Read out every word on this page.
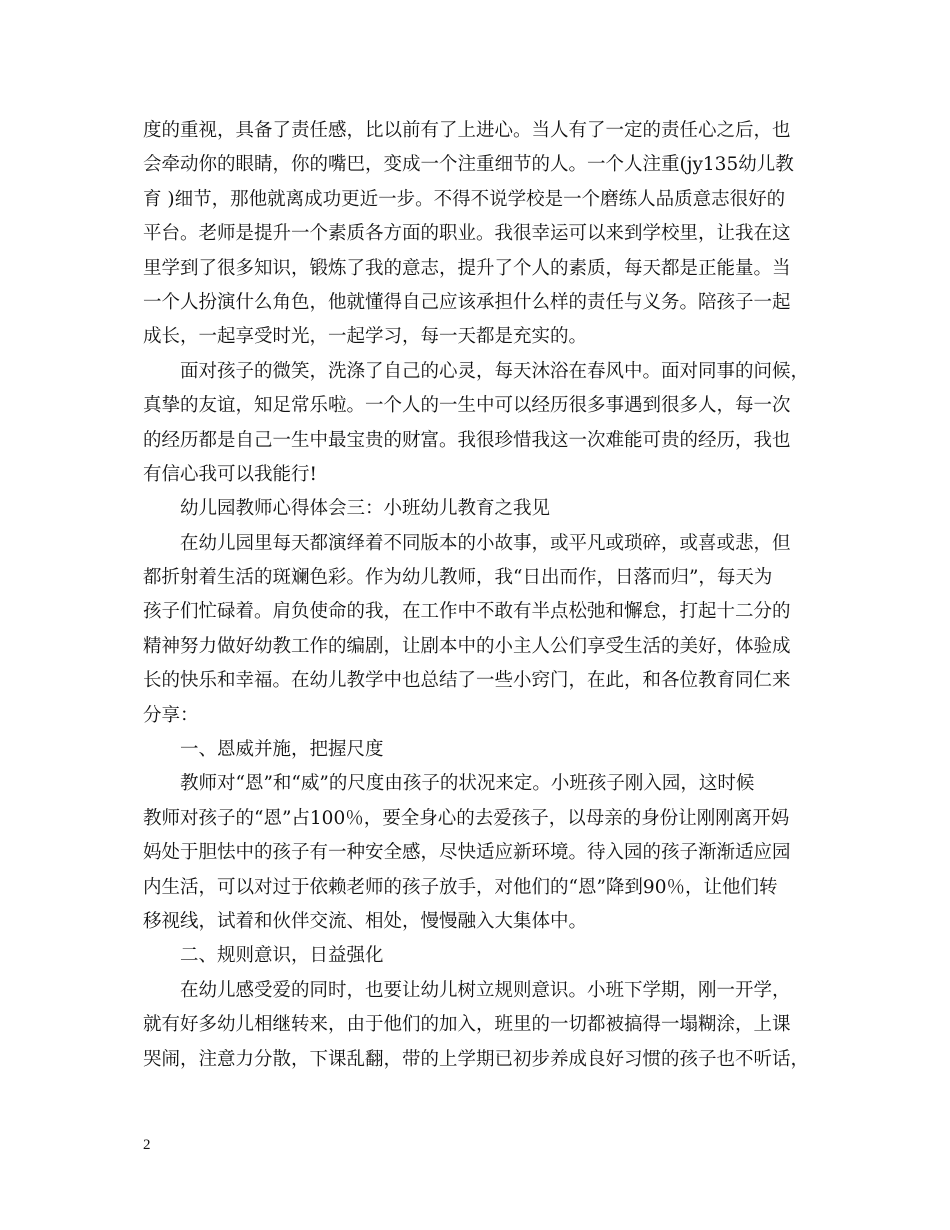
度的重视，具备了责任感，比以前有了上进心。当人有了一定的责任心之后，也
会牵动你的眼睛，你的嘴巴，变成一个注重细节的人。一个人注重(jy135幼儿教
育 )细节，那他就离成功更近一步。不得不说学校是一个磨练人品质意志很好的
平台。老师是提升一个素质各方面的职业。我很幸运可以来到学校里，让我在这
里学到了很多知识，锻炼了我的意志，提升了个人的素质，每天都是正能量。当
一个人扮演什么角色，他就懂得自己应该承担什么样的责任与义务。陪孩子一起
成长，一起享受时光，一起学习，每一天都是充实的。
面对孩子的微笑，洗涤了自己的心灵，每天沐浴在春风中。面对同事的问候，
真挚的友谊，知足常乐啦。一个人的一生中可以经历很多事遇到很多人，每一次
的经历都是自己一生中最宝贵的财富。我很珍惜我这一次难能可贵的经历，我也
有信心我可以我能行!
幼儿园教师心得体会三：小班幼儿教育之我见
在幼儿园里每天都演绎着不同版本的小故事，或平凡或琐碎，或喜或悲，但
都折射着生活的斑斓色彩。作为幼儿教师，我“日出而作，日落而归”，每天为
孩子们忙碌着。肩负使命的我，在工作中不敢有半点松弛和懈怠，打起十二分的
精神努力做好幼教工作的编剧，让剧本中的小主人公们享受生活的美好，体验成
长的快乐和幸福。在幼儿教学中也总结了一些小窍门，在此，和各位教育同仁来
分享：
一、恩威并施，把握尺度
教师对“恩”和“威”的尺度由孩子的状况来定。小班孩子刚入园，这时候
教师对孩子的“恩”占100％，要全身心的去爱孩子，以母亲的身份让刚刚离开妈
妈处于胆怯中的孩子有一种安全感，尽快适应新环境。待入园的孩子渐渐适应园
内生活，可以对过于依赖老师的孩子放手，对他们的“恩”降到90％，让他们转
移视线，试着和伙伴交流、相处，慢慢融入大集体中。
二、规则意识，日益强化
在幼儿感受爱的同时，也要让幼儿树立规则意识。小班下学期，刚一开学，
就有好多幼儿相继转来，由于他们的加入，班里的一切都被搞得一塌糊涂，上课
哭闹，注意力分散，下课乱翻，带的上学期已初步养成良好习惯的孩子也不听话，
2
